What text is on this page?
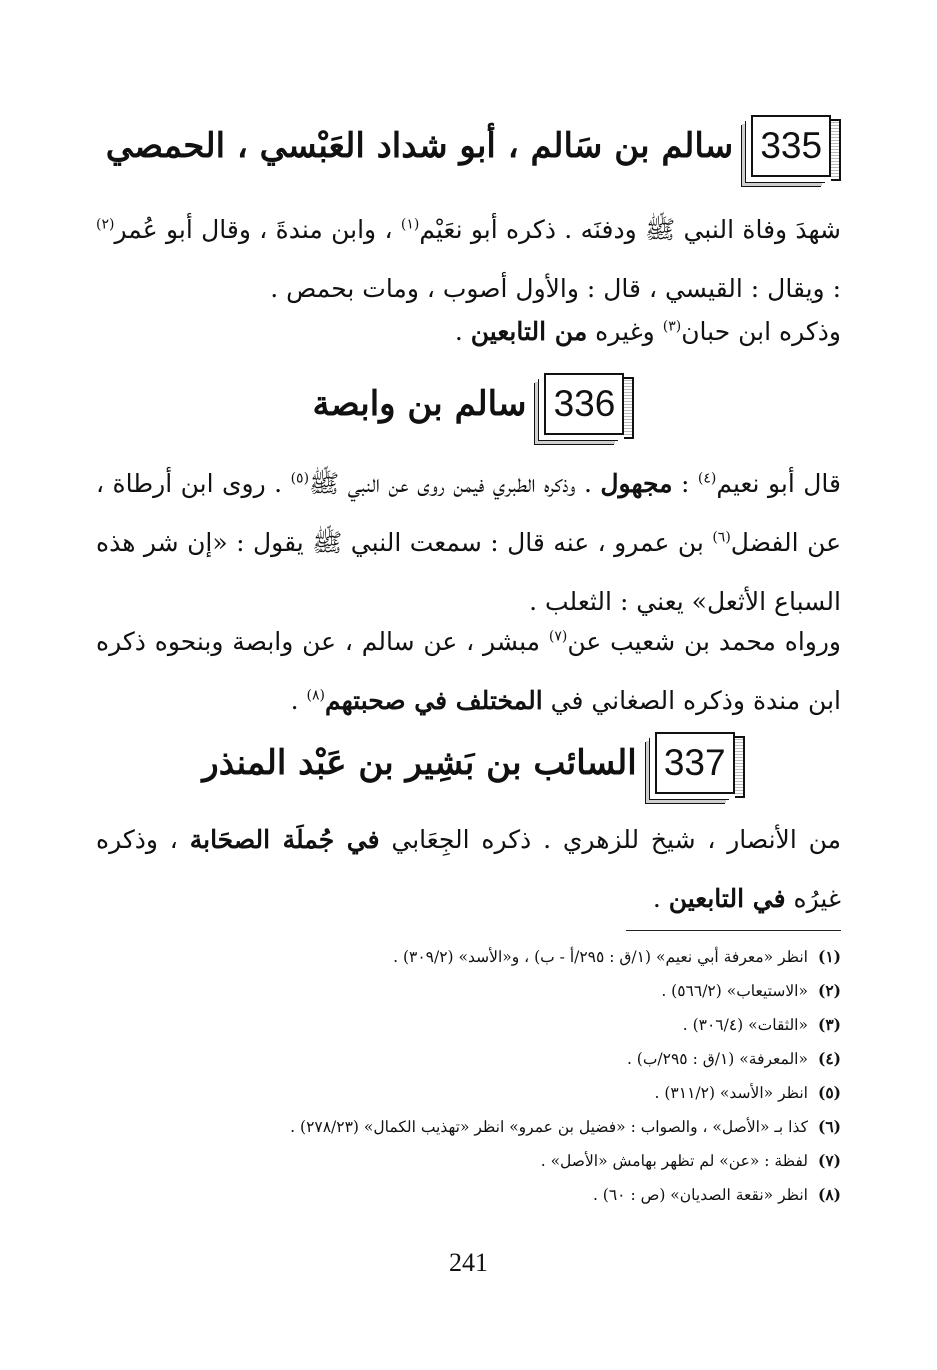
335
سالم بن سَالم ، أبو شداد العَبْسي ، الحمصي

شهدَ وفاة النبي ﷺ ودفنَه . ذكره أبو نعَيْم$^{(١)}$ ، وابن مندةَ ، وقال أبو عُمر$^{(٢)}$ : ويقال : القيسي ، قال : والأول أصوب ، ومات بحمص .

وذكره ابن حبان$^{(٣)}$ وغيره من التابعين .

336
سالم بن وابصة

قال أبو نعيم$^{(٤)}$ : مجهول . وذكره الطبري فيمن روى عن النبي ﷺ$^{(٥)}$ . روى ابن أرطاة ، عن الفضل$^{(٦)}$ بن عمرو ، عنه قال : سمعت النبي ﷺ يقول : «إن شر هذه السباع الأثعل» يعني : الثعلب .

ورواه محمد بن شعيب عن$^{(٧)}$ مبشر ، عن سالم ، عن وابصة وبنحوه ذكره ابن مندة وذكره الصغاني في المختلف في صحبتهم$^{(٨)}$ .

337
السائب بن بَشِير بن عَبْد المنذر

من الأنصار ، شيخ للزهري . ذكره الجِعَابي في جُملَة الصحَابة ، وذكره غيرُه في التابعين .

(١)انظر «معرفة أبي نعيم» (١/ق : ٢٩٥/أ - ب) ، و«الأسد» (٣٠٩/٢) .
(٢)«الاستيعاب» (٥٦٦/٢) .
(٣)«الثقات» (٣٠٦/٤) .
(٤)«المعرفة» (١/ق : ٢٩٥/ب) .
(٥)انظر «الأسد» (٣١١/٢) .
(٦)كذا بـ «الأصل» ، والصواب : «فضيل بن عمرو» انظر «تهذيب الكمال» (٢٧٨/٢٣) .
(٧)لفظة : «عن» لم تظهر بهامش «الأصل» .
(٨)انظر «نقعة الصديان» (ص : ٦٠) .
241
